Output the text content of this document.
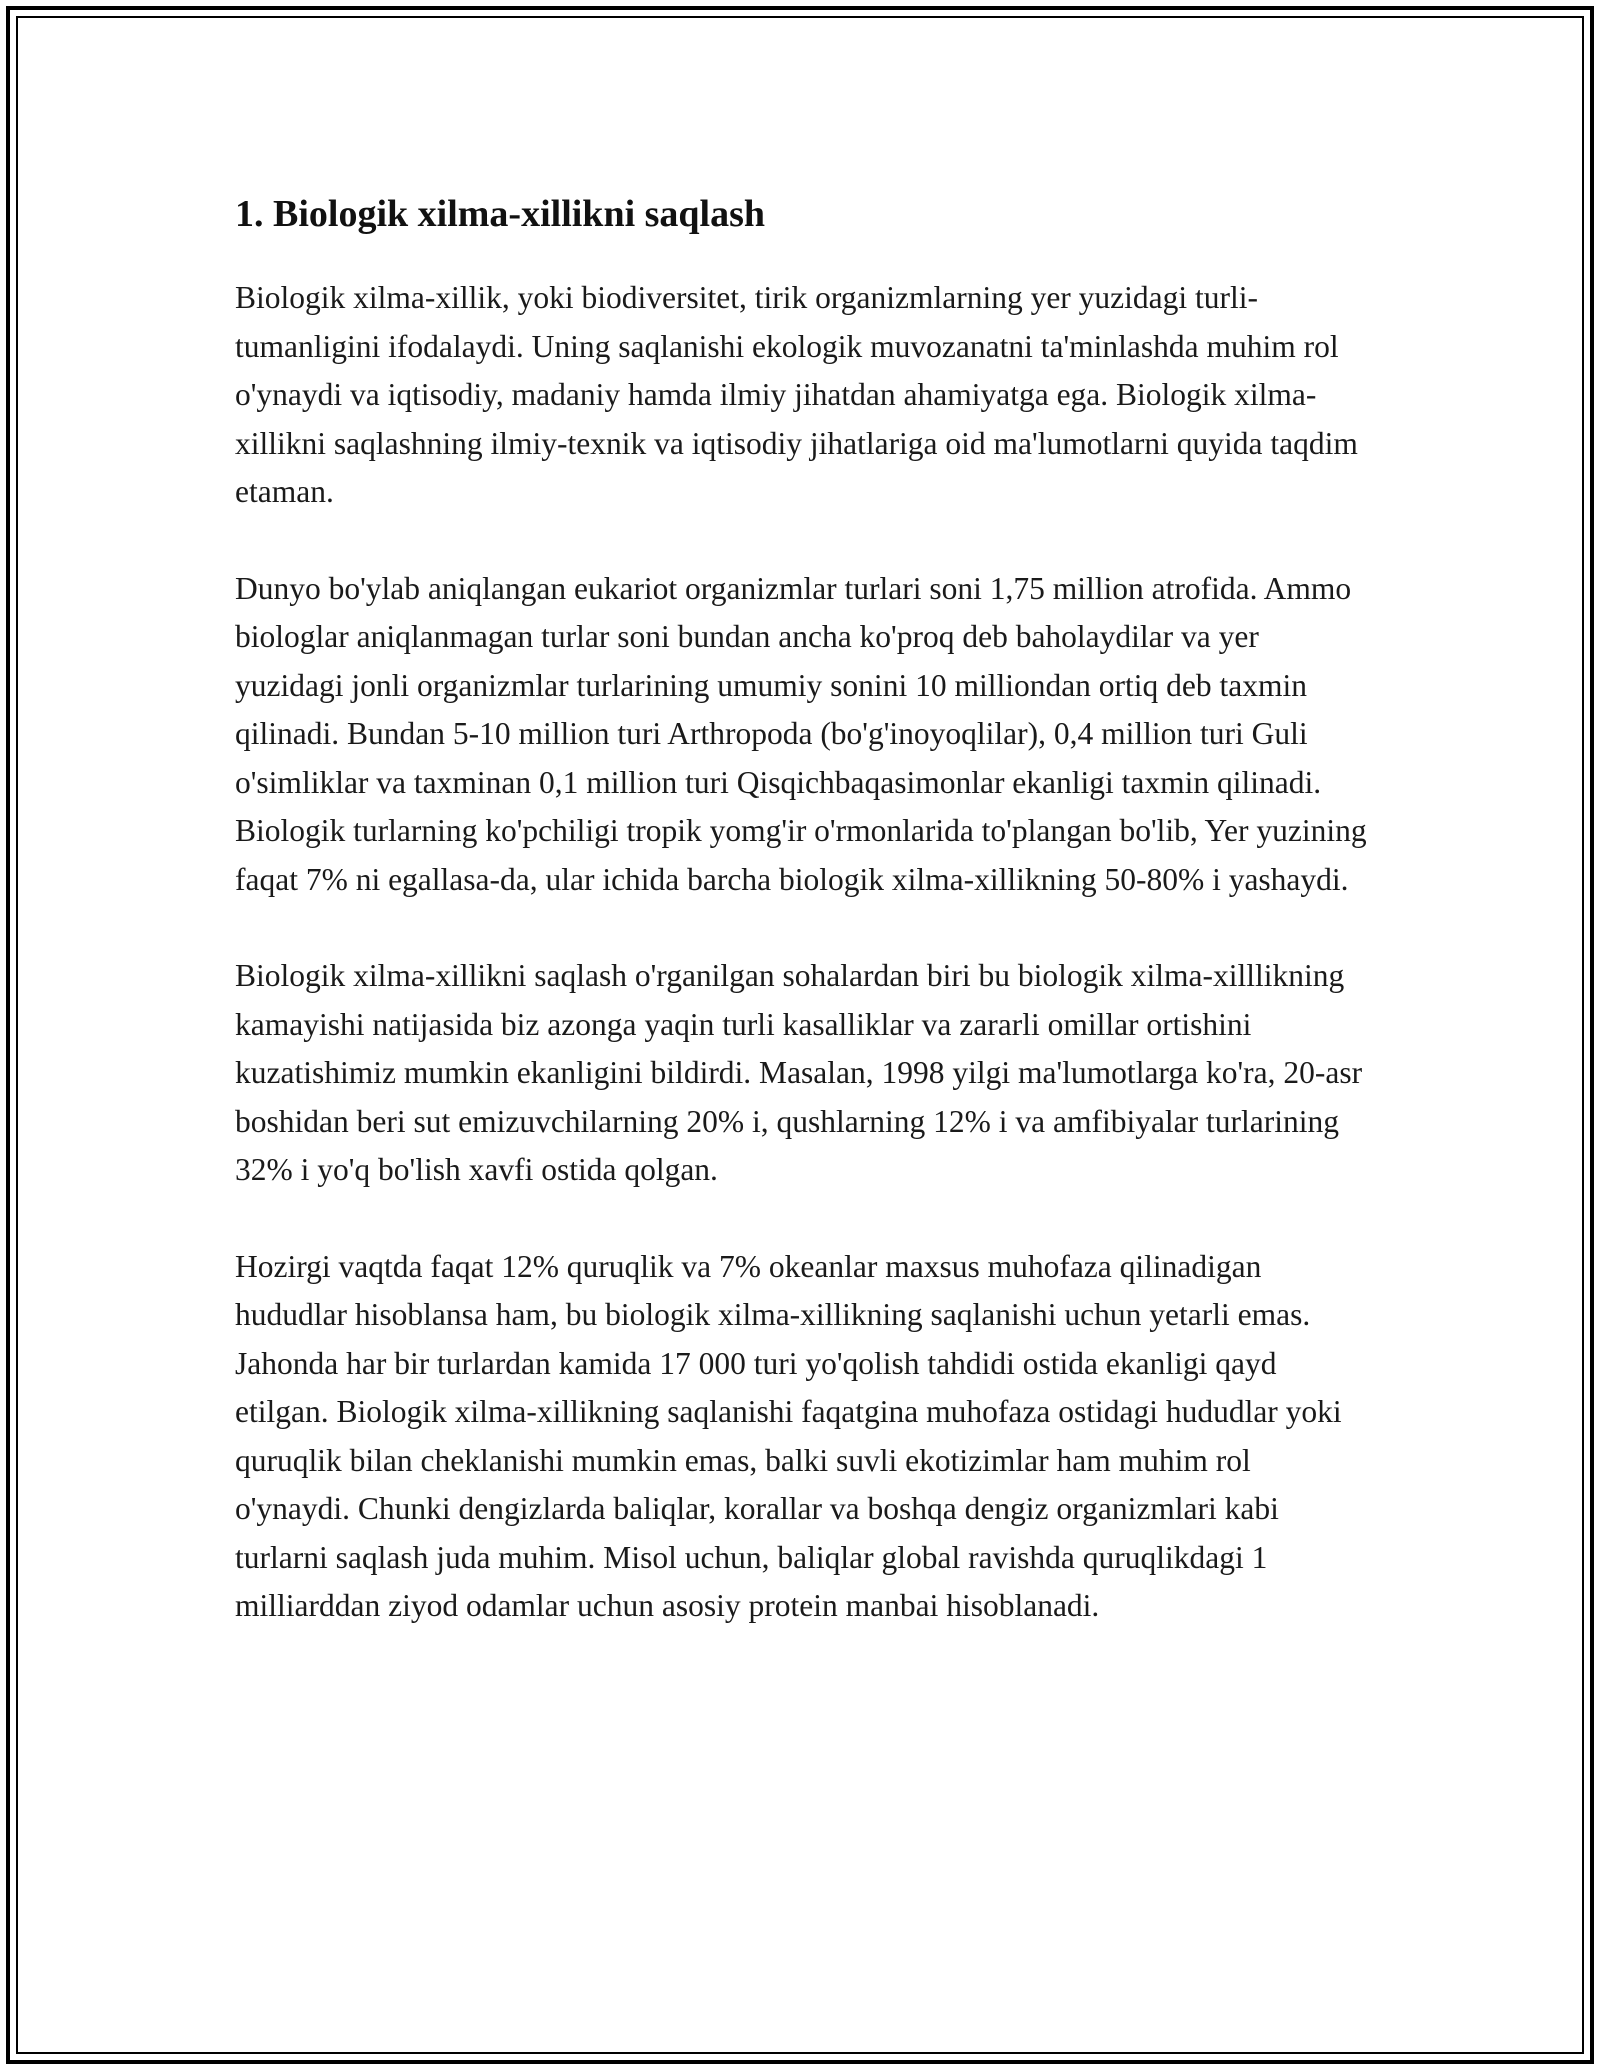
1. Biologik xilma-xillikni saqlash

Biologik xilma-xillik, yoki biodiversitet, tirik organizmlarning yer yuzidagi turli-tumanligini ifodalaydi. Uning saqlanishi ekologik muvozanatni ta'minlashda muhim rol o'ynaydi va iqtisodiy, madaniy hamda ilmiy jihatdan ahamiyatga ega. Biologik xilma-xillikni saqlashning ilmiy-texnik va iqtisodiy jihatlariga oid ma'lumotlarni quyida taqdim etaman.

Dunyo bo'ylab aniqlangan eukariot organizmlar turlari soni 1,75 million atrofida. Ammo biologlar aniqlanmagan turlar soni bundan ancha ko'proq deb baholaydilar va yer yuzidagi jonli organizmlar turlarining umumiy sonini 10 milliondan ortiq deb taxmin qilinadi. Bundan 5-10 million turi Arthropoda (bo'g'inoyoqlilar), 0,4 million turi Guli o'simliklar va taxminan 0,1 million turi Qisqichbaqasimonlar ekanligi taxmin qilinadi. Biologik turlarning ko'pchiligi tropik yomg'ir o'rmonlarida to'plangan bo'lib, Yer yuzining faqat 7% ni egallasa-da, ular ichida barcha biologik xilma-xillikning 50-80% i yashaydi.

Biologik xilma-xillikni saqlash o'rganilgan sohalardan biri bu biologik xilma-xilllikning kamayishi natijasida biz azonga yaqin turli kasalliklar va zararli omillar ortishini kuzatishimiz mumkin ekanligini bildirdi. Masalan, 1998 yilgi ma'lumotlarga ko'ra, 20-asr boshidan beri sut emizuvchilarning 20% i, qushlarning 12% i va amfibiyalar turlarining 32% i yo'q bo'lish xavfi ostida qolgan.

Hozirgi vaqtda faqat 12% quruqlik va 7% okeanlar maxsus muhofaza qilinadigan hududlar hisoblansa ham, bu biologik xilma-xillikning saqlanishi uchun yetarli emas. Jahonda har bir turlardan kamida 17 000 turi yo'qolish tahdidi ostida ekanligi qayd etilgan. Biologik xilma-xillikning saqlanishi faqatgina muhofaza ostidagi hududlar yoki quruqlik bilan cheklanishi mumkin emas, balki suvli ekotizimlar ham muhim rol o'ynaydi. Chunki dengizlarda baliqlar, korallar va boshqa dengiz organizmlari kabi turlarni saqlash juda muhim. Misol uchun, baliqlar global ravishda quruqlikdagi 1 milliarddan ziyod odamlar uchun asosiy protein manbai hisoblanadi.
